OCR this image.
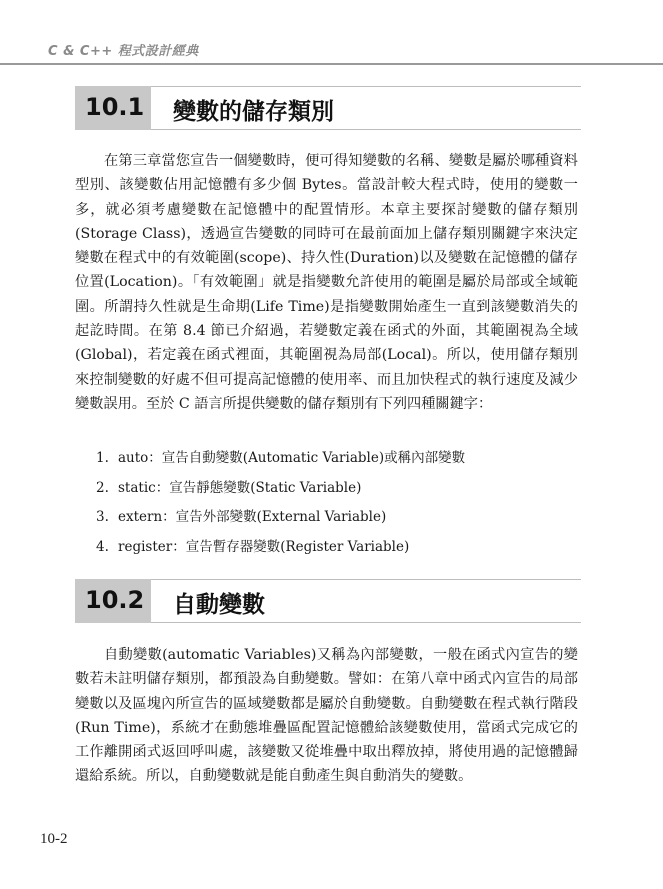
C & C++ 程式設計經典
10.1 變數的儲存類別

在第三章當您宣告一個變數時，便可得知變數的名稱、變數是屬於哪種資料型別、該變數佔用記憶體有多少個 Bytes。當設計較大程式時，使用的變數一多，就必須考慮變數在記憶體中的配置情形。本章主要探討變數的儲存類別(Storage Class)，透過宣告變數的同時可在最前面加上儲存類別關鍵字來決定變數在程式中的有效範圍(scope)、持久性(Duration)以及變數在記憶體的儲存位置(Location)。「有效範圍」就是指變數允許使用的範圍是屬於局部或全域範圍。所謂持久性就是生命期(Life Time)是指變數開始產生一直到該變數消失的起訖時間。在第 8.4 節已介紹過，若變數定義在函式的外面，其範圍視為全域(Global)，若定義在函式裡面，其範圍視為局部(Local)。所以，使用儲存類別來控制變數的好處不但可提高記憶體的使用率、而且加快程式的執行速度及減少變數誤用。至於 C 語言所提供變數的儲存類別有下列四種關鍵字：

1. auto：宣告自動變數(Automatic Variable)或稱內部變數
2. static：宣告靜態變數(Static Variable)
3. extern：宣告外部變數(External Variable)
4. register：宣告暫存器變數(Register Variable)
10.2 自動變數

自動變數(automatic Variables)又稱為內部變數，一般在函式內宣告的變數若未註明儲存類別，都預設為自動變數。譬如：在第八章中函式內宣告的局部變數以及區塊內所宣告的區域變數都是屬於自動變數。自動變數在程式執行階段(Run Time)，系統才在動態堆疊區配置記憶體給該變數使用，當函式完成它的工作離開函式返回呼叫處，該變數又從堆疊中取出釋放掉，將使用過的記憶體歸還給系統。所以，自動變數就是能自動產生與自動消失的變數。

10-2
